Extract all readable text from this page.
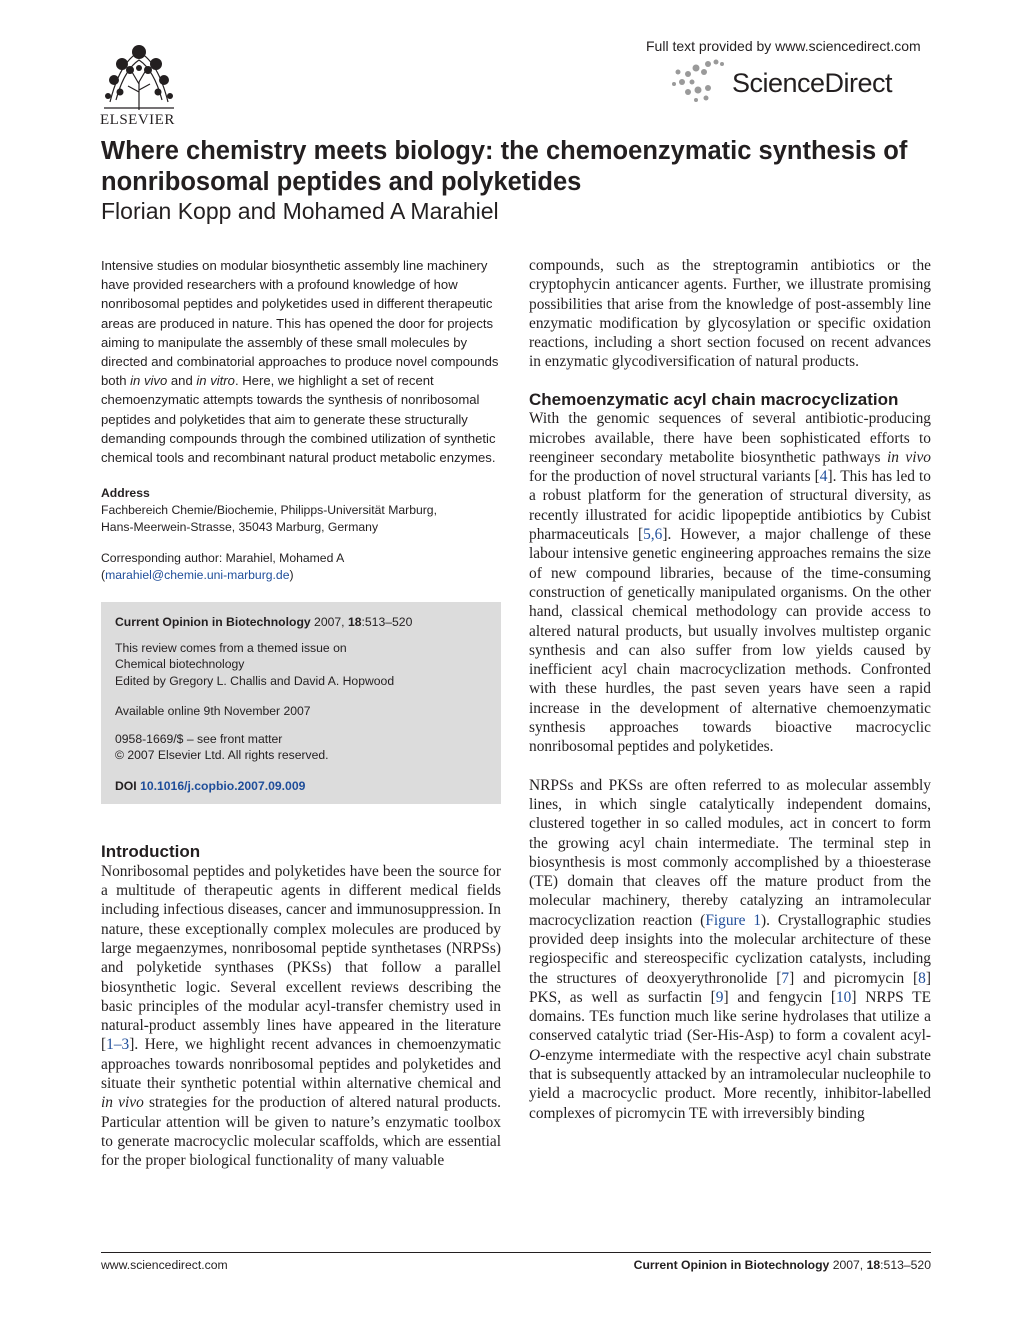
ELSEVIER
Full text provided by www.sciencedirect.com
ScienceDirect
Where chemistry meets biology: the chemoenzymatic synthesis of nonribosomal peptides and polyketides
Florian Kopp and Mohamed A Marahiel

Intensive studies on modular biosynthetic assembly line machinery have provided researchers with a profound knowledge of how nonribosomal peptides and polyketides used in different therapeutic areas are produced in nature. This has opened the door for projects aiming to manipulate the assembly of these small molecules by directed and combinatorial approaches to produce novel compounds both in vivo and in vitro. Here, we highlight a set of recent chemoenzymatic attempts towards the synthesis of nonribosomal peptides and polyketides that aim to generate these structurally demanding compounds through the combined utilization of synthetic chemical tools and recombinant natural product metabolic enzymes.

Address

Fachbereich Chemie/Biochemie, Philipps-Universität Marburg,

Hans-Meerwein-Strasse, 35043 Marburg, Germany

Corresponding author: Marahiel, Mohamed A

(marahiel@chemie.uni-marburg.de)

Current Opinion in Biotechnology 2007, 18:513–520

This review comes from a themed issue on

Chemical biotechnology

Edited by Gregory L. Challis and David A. Hopwood

Available online 9th November 2007

0958-1669/$ – see front matter

© 2007 Elsevier Ltd. All rights reserved.

DOI 10.1016/j.copbio.2007.09.009

Introduction

Nonribosomal peptides and polyketides have been the source for a multitude of therapeutic agents in different medical fields including infectious diseases, cancer and immunosuppression. In nature, these exceptionally complex molecules are produced by large megaenzymes, nonribosomal peptide synthetases (NRPSs) and polyketide synthases (PKSs) that follow a parallel biosynthetic logic. Several excellent reviews describing the basic principles of the modular acyl-transfer chemistry used in natural-product assembly lines have appeared in the literature [1–3]. Here, we highlight recent advances in chemoenzymatic approaches towards nonribosomal peptides and polyketides and situate their synthetic potential within alternative chemical and in vivo strategies for the production of altered natural products. Particular attention will be given to nature’s enzymatic toolbox to generate macrocyclic molecular scaffolds, which are essential for the proper biological functionality of many valuable

compounds, such as the streptogramin antibiotics or the cryptophycin anticancer agents. Further, we illustrate promising possibilities that arise from the knowledge of post-assembly line enzymatic modification by glycosylation or specific oxidation reactions, including a short section focused on recent advances in enzymatic glycodiversification of natural products.

Chemoenzymatic acyl chain macrocyclization

With the genomic sequences of several antibiotic-producing microbes available, there have been sophisticated efforts to reengineer secondary metabolite biosynthetic pathways in vivo for the production of novel structural variants [4]. This has led to a robust platform for the generation of structural diversity, as recently illustrated for acidic lipopeptide antibiotics by Cubist pharmaceuticals [5,6]. However, a major challenge of these labour intensive genetic engineering approaches remains the size of new compound libraries, because of the time-consuming construction of genetically manipulated organisms. On the other hand, classical chemical methodology can provide access to altered natural products, but usually involves multistep organic synthesis and can also suffer from low yields caused by inefficient acyl chain macrocyclization methods. Confronted with these hurdles, the past seven years have seen a rapid increase in the development of alternative chemoenzymatic synthesis approaches towards bioactive macrocyclic nonribosomal peptides and polyketides.

NRPSs and PKSs are often referred to as molecular assembly lines, in which single catalytically independent domains, clustered together in so called modules, act in concert to form the growing acyl chain intermediate. The terminal step in biosynthesis is most commonly accomplished by a thioesterase (TE) domain that cleaves off the mature product from the molecular machinery, thereby catalyzing an intramolecular macrocyclization reaction (Figure 1). Crystallographic studies provided deep insights into the molecular architecture of these regiospecific and stereospecific cyclization catalysts, including the structures of deoxyerythronolide [7] and picromycin [8] PKS, as well as surfactin [9] and fengycin [10] NRPS TE domains. TEs function much like serine hydrolases that utilize a conserved catalytic triad (Ser-His-Asp) to form a covalent acyl-O-enzyme intermediate with the respective acyl chain substrate that is subsequently attacked by an intramolecular nucleophile to yield a macrocyclic product. More recently, inhibitor-labelled complexes of picromycin TE with irreversibly binding

www.sciencedirect.com	Current Opinion in Biotechnology 2007, 18:513–520
